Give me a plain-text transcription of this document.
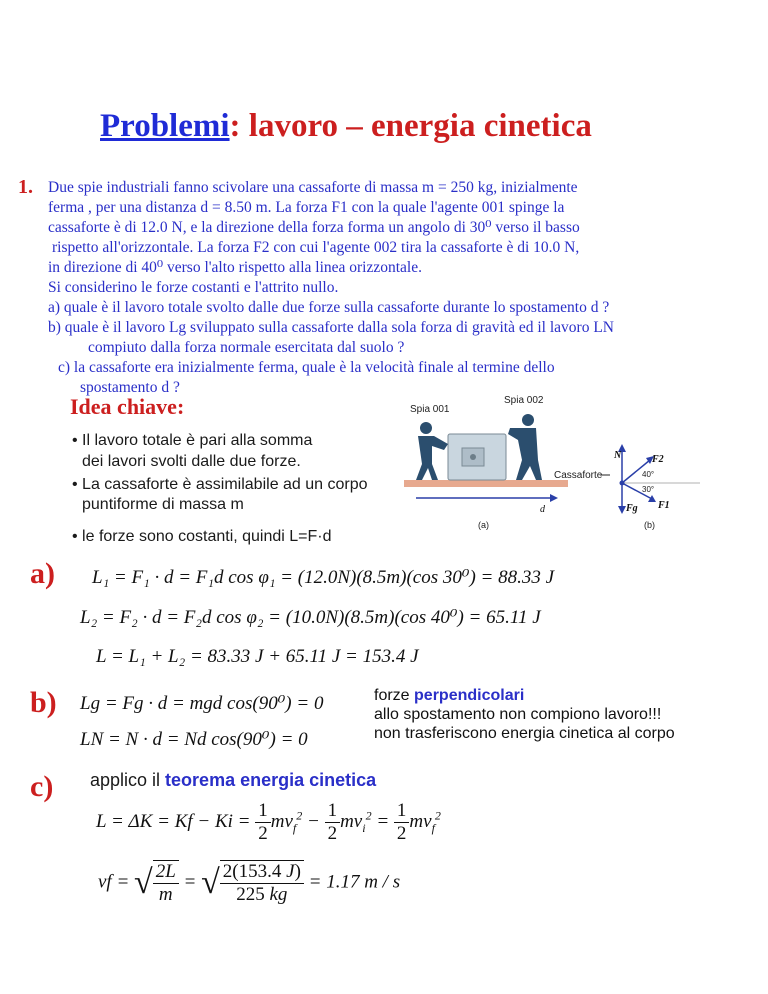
Problemi: lavoro – energia cinetica
1. Due spie industriali fanno scivolare una cassaforte di massa m = 250 kg, inizialmente
ferma , per una distanza d = 8.50 m. La forza F1 con la quale l'agente 001 spinge la
cassaforte è di 12.0 N, e la direzione della forza forma un angolo di 30⁰ verso il basso
rispetto all'orizzontale. La forza F2 con cui l'agente 002 tira la cassaforte è di 10.0 N,
in direzione di 40⁰ verso l'alto rispetto alla linea orizzontale.
Si considerino le forze costanti e l'attrito nullo.
a) quale è il lavoro totale svolto dalle due forze sulla cassaforte durante lo spostamento d ?
b) quale è il lavoro Lg sviluppato sulla cassaforte dalla sola forza di gravità ed il lavoro LN
compiuto dalla forza normale esercitata dal suolo ?
c) la cassaforte era inizialmente ferma, quale è la velocità finale al termine dello
spostamento d ?
Idea chiave:
• Il lavoro totale è pari alla somma
dei lavori svolti dalle due forze.
• La cassaforte è assimilabile ad un corpo
puntiforme di massa m
• le forze sono costanti, quindi L=F·d
Spia 001
Spia 002
d
(a)
Cassaforte
N	F2
40°
30°
F1
Fg
(b)
a) L₁ = F₁ · d = F₁d cos φ₁ = (12.0N)(8.5m)(cos 30⁰) = 88.33 J
L₂ = F₂ · d = F₂d cos φ₂ = (10.0N)(8.5m)(cos 40⁰) = 65.11 J
L = L₁ + L₂ = 83.33 J + 65.11 J = 153.4 J
b) Lg = Fg · d = mgd cos(90⁰) = 0
LN = N · d = Nd cos(90⁰) = 0
forze perpendicolari
allo spostamento non compiono lavoro!!!
non trasferiscono energia cinetica al corpo
c) applico il teorema energia cinetica
$L = \Delta K = Kf - Ki = \frac{1}{2} mv_f^2 - \frac{1}{2} mv_i^2 = \frac{1}{2} mv_f^2$
vf = √ $\frac{2L}{m}$ = √ $\frac{2(153.4 J)}{225 kg} = 1.17$ m / s
